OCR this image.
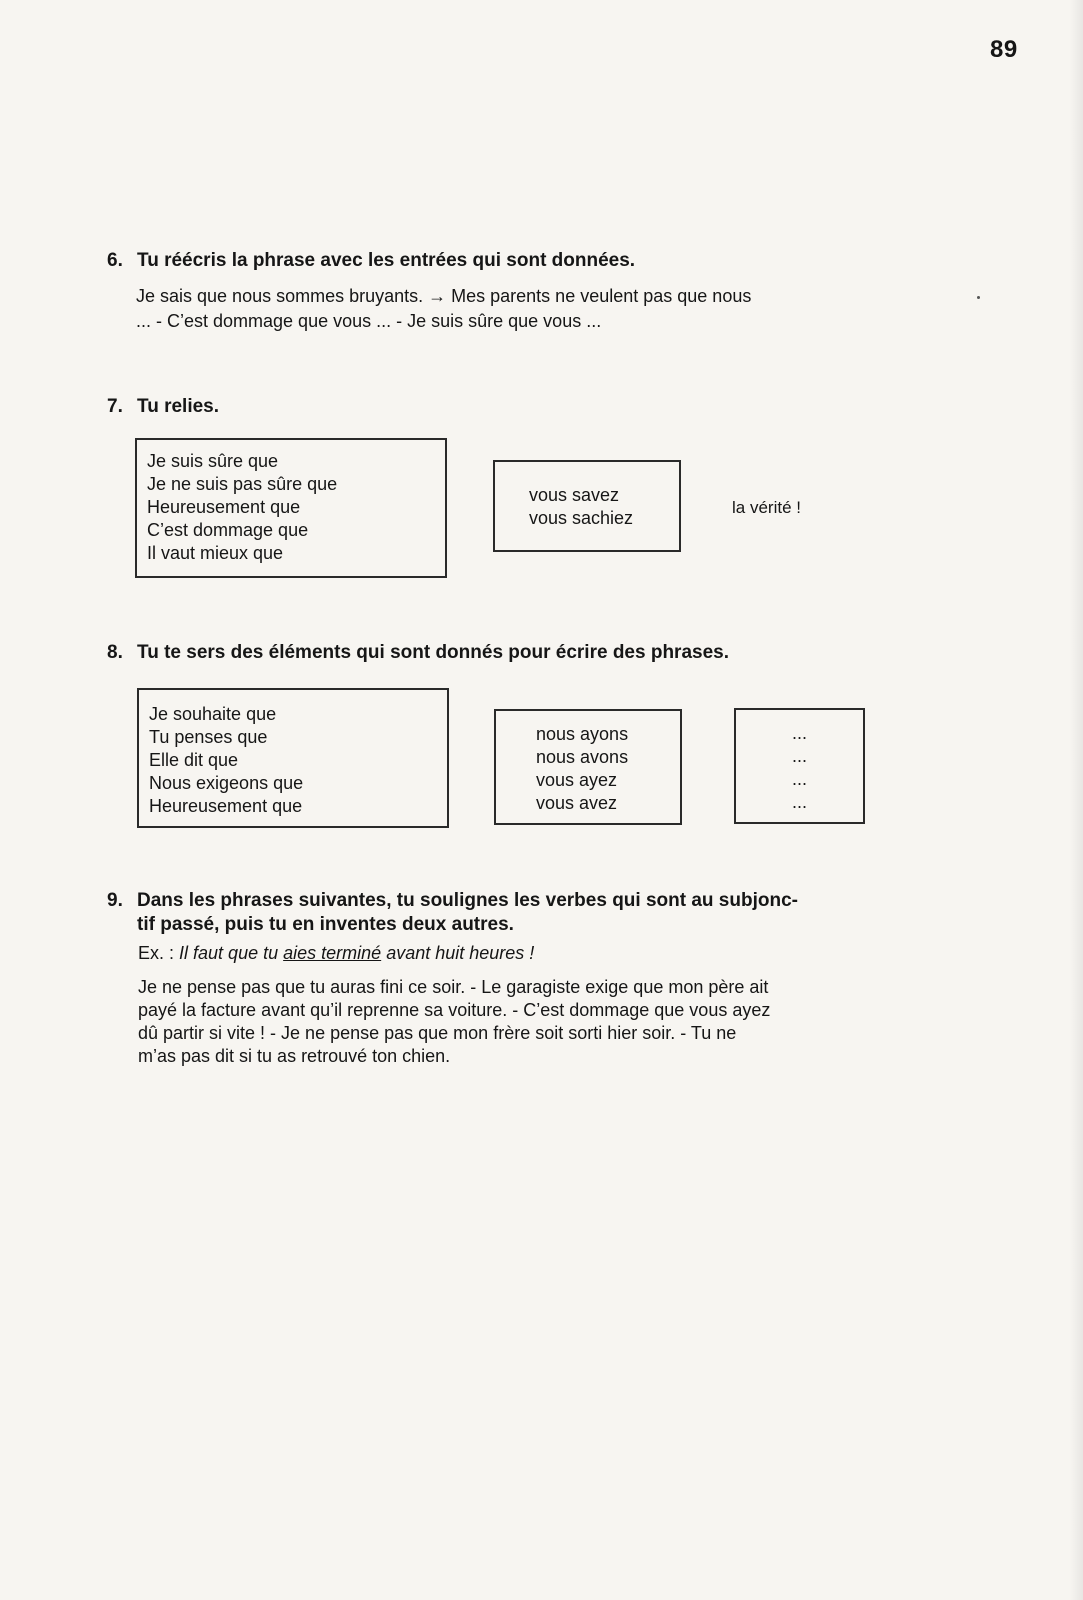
89
6. Tu réécris la phrase avec les entrées qui sont données.
Je sais que nous sommes bruyants. → Mes parents ne veulent pas que nous
... - C’est dommage que vous ... - Je suis sûre que vous ...
7. Tu relies.
Je suis sûre que
Je ne suis pas sûre que
Heureusement que
C’est dommage que
Il vaut mieux que
vous savez
vous sachiez
la vérité !
8. Tu te sers des éléments qui sont donnés pour écrire des phrases.
Je souhaite que
Tu penses que
Elle dit que
Nous exigeons que
Heureusement que
nous ayons
nous avons
vous ayez
vous avez
...
...
...
...
9. Dans les phrases suivantes, tu soulignes les verbes qui sont au subjonc-
tif passé, puis tu en inventes deux autres.
Ex. : Il faut que tu aies terminé avant huit heures !
Je ne pense pas que tu auras fini ce soir. - Le garagiste exige que mon père ait
payé la facture avant qu’il reprenne sa voiture. - C’est dommage que vous ayez
dû partir si vite ! - Je ne pense pas que mon frère soit sorti hier soir. - Tu ne
m’as pas dit si tu as retrouvé ton chien.
